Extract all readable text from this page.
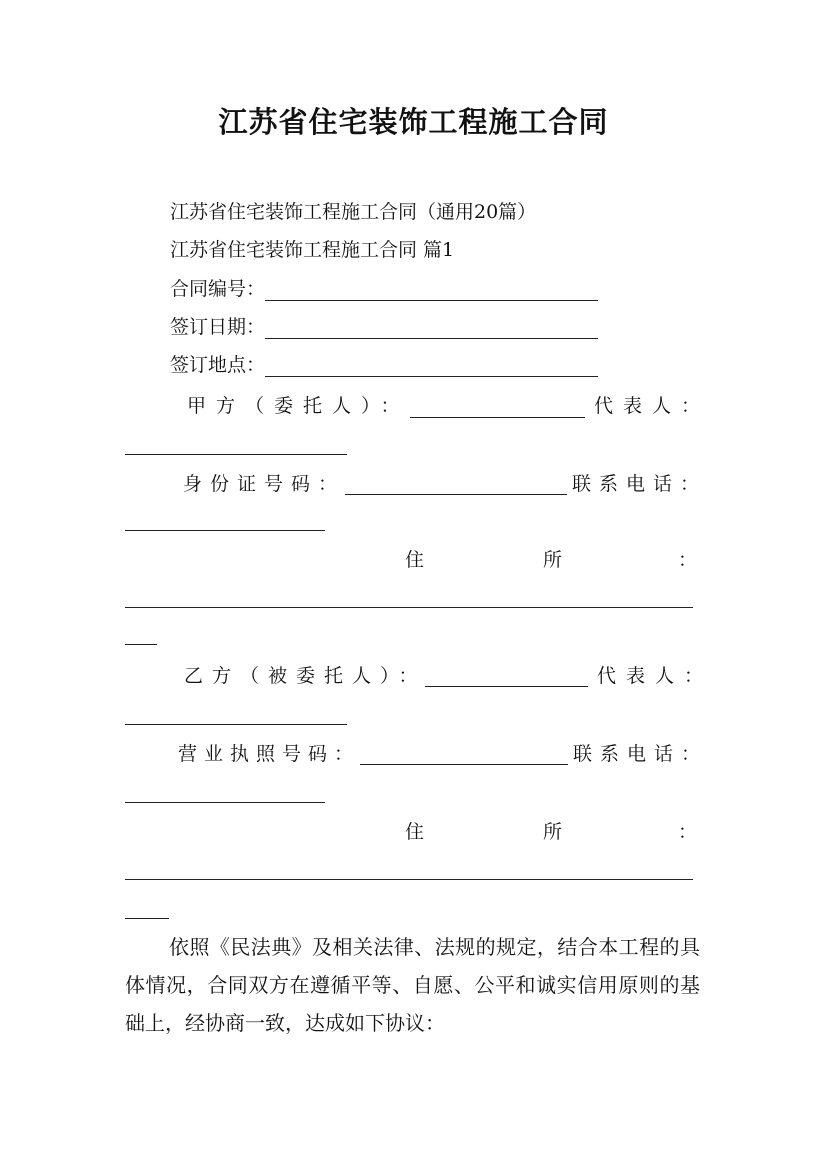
江苏省住宅装饰工程施工合同
江苏省住宅装饰工程施工合同（通用20篇）
江苏省住宅装饰工程施工合同 篇1
合同编号：
签订日期：
签订地点：
甲方（委托人）：	代表人：
身份证号码：	联系电话：
住	所	：
乙方（被委托人）：	代表人：
营业执照号码：	联系电话：
住	所	：
依照《民法典》及相关法律、法规的规定，结合本工程的具体情况，合同双方在遵循平等、自愿、公平和诚实信用原则的基础上，经协商一致，达成如下协议：
